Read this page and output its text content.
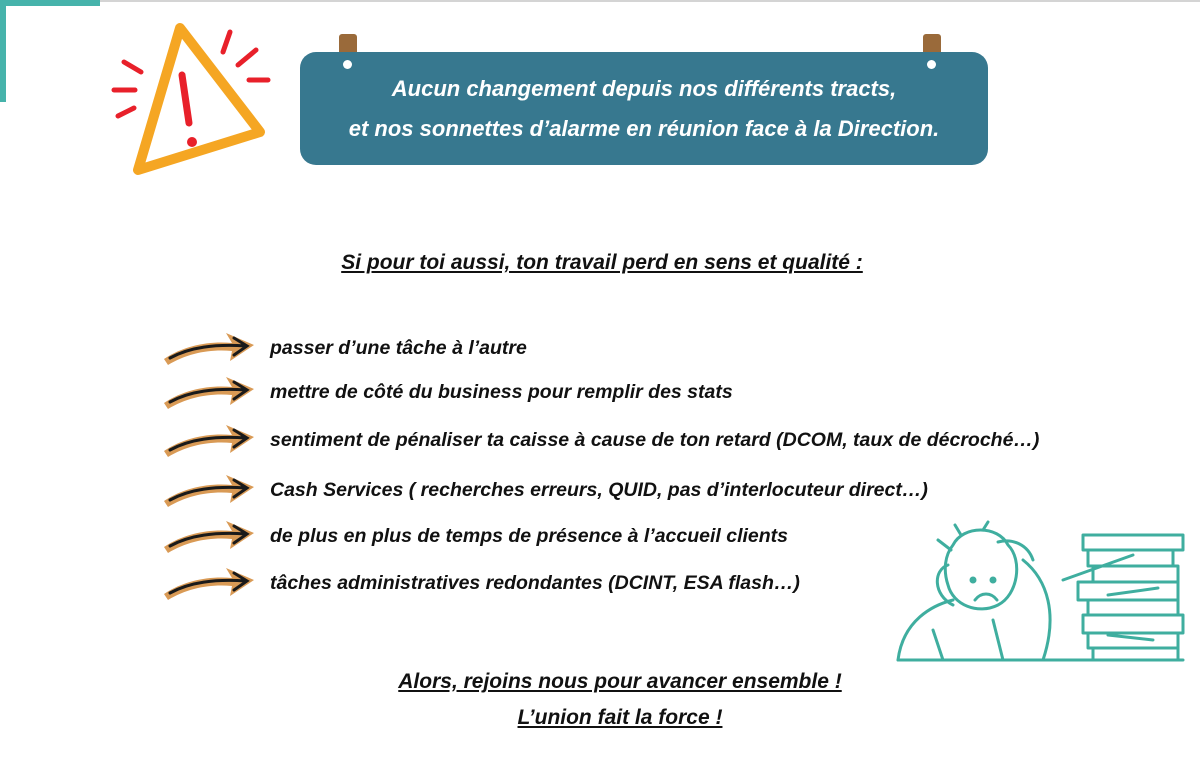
Aucun changement depuis nos différents tracts,
et nos sonnettes d’alarme en réunion face à la Direction.
Si pour toi aussi, ton travail perd en sens et qualité :
passer d’une tâche à l’autre
mettre de côté du business pour remplir des stats
sentiment de pénaliser ta caisse à cause de ton retard (DCOM, taux de décroché…)
Cash Services ( recherches erreurs, QUID, pas d’interlocuteur direct…)
de plus en plus de temps de présence à l’accueil clients
tâches administratives redondantes (DCINT, ESA flash…)
Alors, rejoins nous pour avancer ensemble !
L’union fait la force !
